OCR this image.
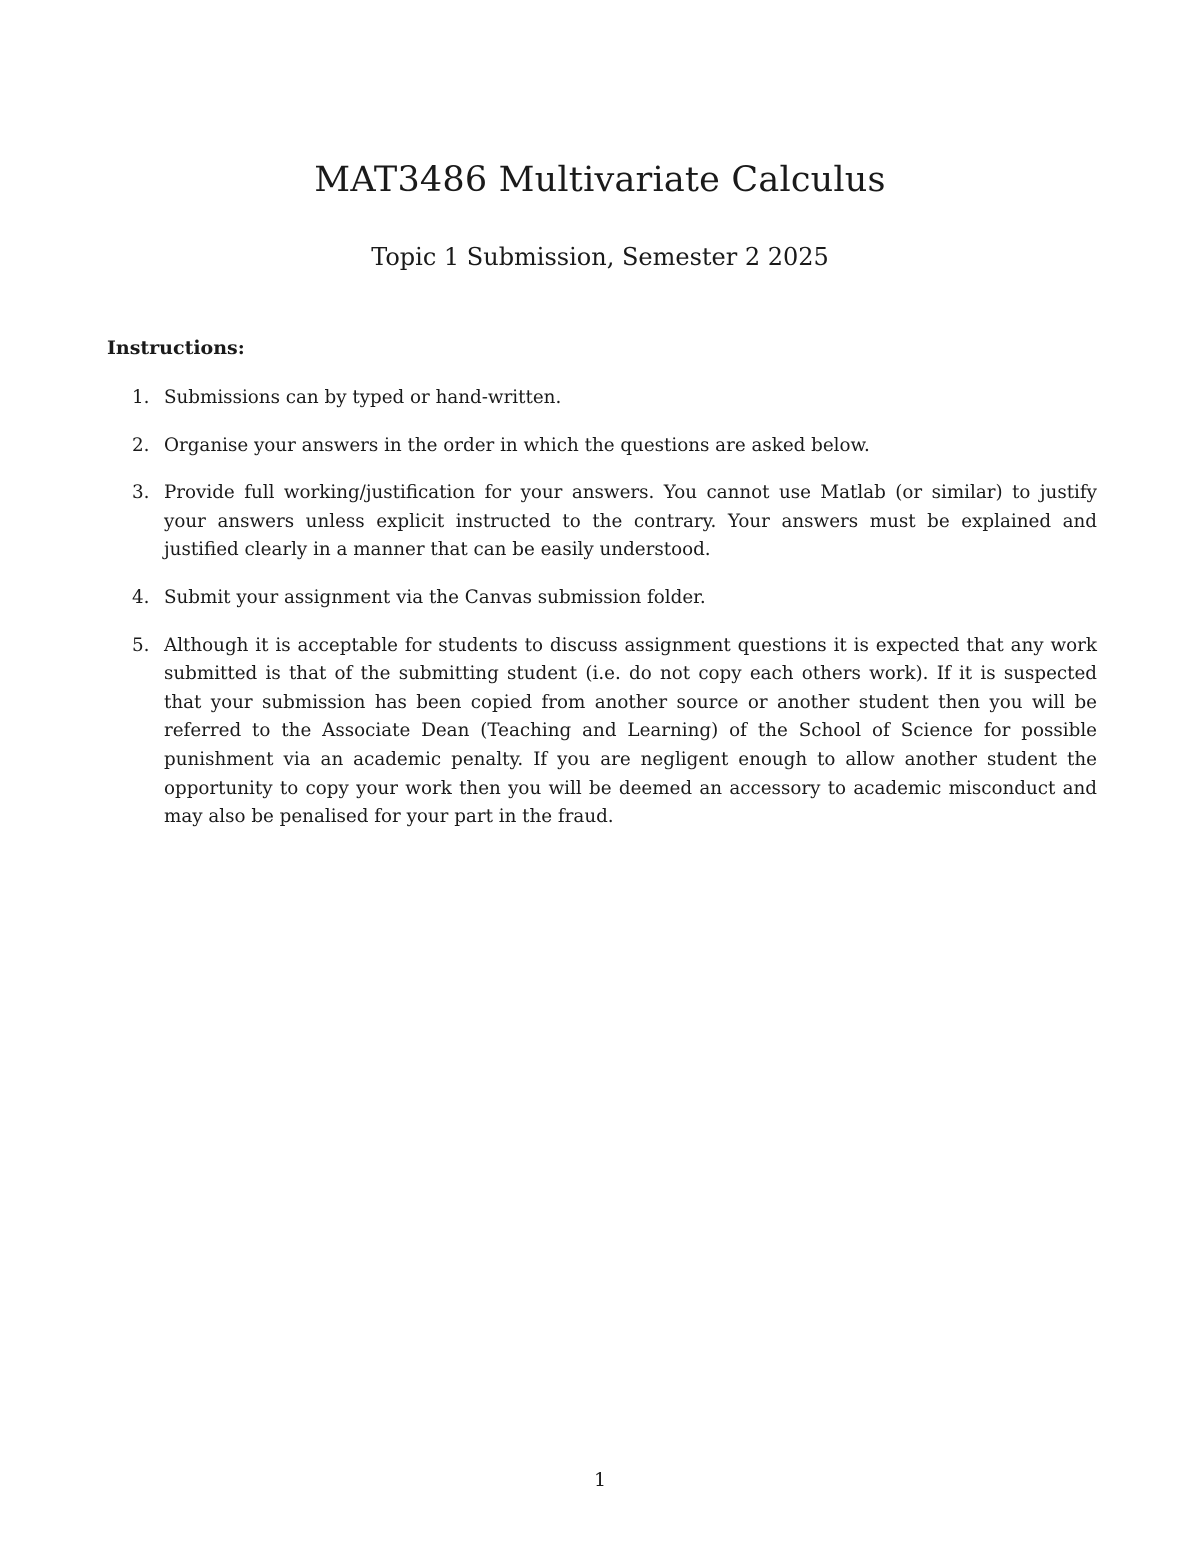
MAT3486 Multivariate Calculus
Topic 1 Submission, Semester 2 2025
Instructions:
1. Submissions can by typed or hand-written.
2. Organise your answers in the order in which the questions are asked below.
3. Provide full working/justification for your answers. You cannot use Matlab (or similar) to justify your answers unless explicit instructed to the contrary. Your answers must be explained and justified clearly in a manner that can be easily understood.
4. Submit your assignment via the Canvas submission folder.
5. Although it is acceptable for students to discuss assignment questions it is expected that any work submitted is that of the submitting student (i.e. do not copy each others work). If it is suspected that your submission has been copied from another source or another student then you will be referred to the Associate Dean (Teaching and Learning) of the School of Science for possible punishment via an academic penalty. If you are negligent enough to allow another student the opportunity to copy your work then you will be deemed an accessory to academic misconduct and may also be penalised for your part in the fraud.
1
